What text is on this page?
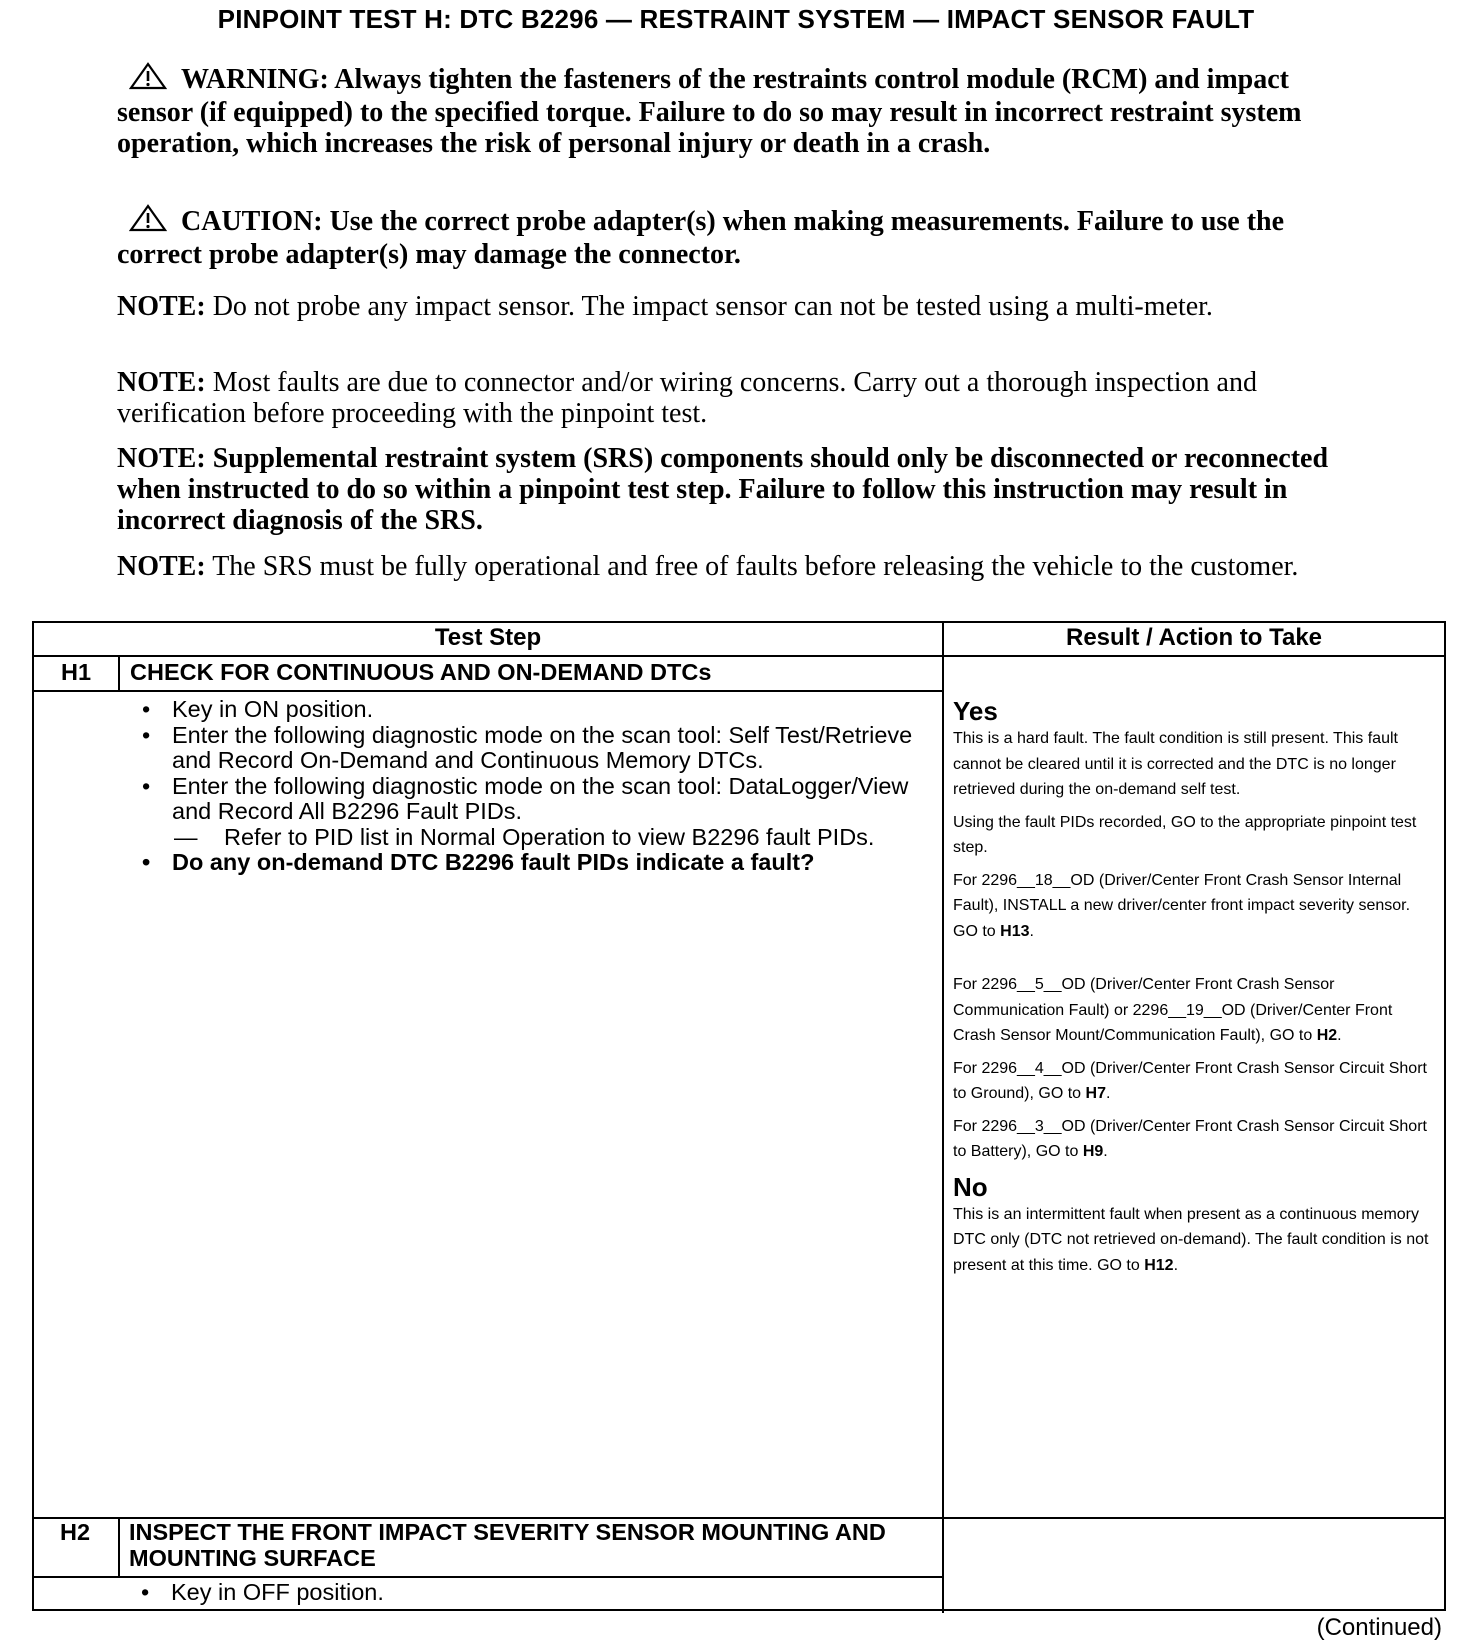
PINPOINT TEST H: DTC B2296 — RESTRAINT SYSTEM — IMPACT SENSOR FAULT
WARNING: Always tighten the fasteners of the restraints control module (RCM) and impact sensor (if equipped) to the specified torque. Failure to do so may result in incorrect restraint system operation, which increases the risk of personal injury or death in a crash.
CAUTION: Use the correct probe adapter(s) when making measurements. Failure to use the correct probe adapter(s) may damage the connector.
NOTE: Do not probe any impact sensor. The impact sensor can not be tested using a multi-meter.
NOTE: Most faults are due to connector and/or wiring concerns. Carry out a thorough inspection and verification before proceeding with the pinpoint test.
NOTE: Supplemental restraint system (SRS) components should only be disconnected or reconnected when instructed to do so within a pinpoint test step. Failure to follow this instruction may result in incorrect diagnosis of the SRS.
NOTE: The SRS must be fully operational and free of faults before releasing the vehicle to the customer.
Test Step	Result / Action to Take
H1	CHECK FOR CONTINUOUS AND ON-DEMAND DTCs
• Key in ON position.
• Enter the following diagnostic mode on the scan tool: Self Test/Retrieve and Record On-Demand and Continuous Memory DTCs.
• Enter the following diagnostic mode on the scan tool: DataLogger/View and Record All B2296 Fault PIDs.
— Refer to PID list in Normal Operation to view B2296 fault PIDs.
• Do any on-demand DTC B2296 fault PIDs indicate a fault?
Yes

This is a hard fault. The fault condition is still present. This fault cannot be cleared until it is corrected and the DTC is no longer retrieved during the on-demand self test.

Using the fault PIDs recorded, GO to the appropriate pinpoint test step.

For 2296__18__OD (Driver/Center Front Crash Sensor Internal Fault), INSTALL a new driver/center front impact severity sensor. GO to H13.

For 2296__5__OD (Driver/Center Front Crash Sensor Communication Fault) or 2296__19__OD (Driver/Center Front Crash Sensor Mount/Communication Fault), GO to H2.

For 2296__4__OD (Driver/Center Front Crash Sensor Circuit Short to Ground), GO to H7.

For 2296__3__OD (Driver/Center Front Crash Sensor Circuit Short to Battery), GO to H9.

No

This is an intermittent fault when present as a continuous memory DTC only (DTC not retrieved on-demand). The fault condition is not present at this time. GO to H12.

H2	INSPECT THE FRONT IMPACT SEVERITY SENSOR MOUNTING AND MOUNTING SURFACE
• Key in OFF position.
(Continued)
